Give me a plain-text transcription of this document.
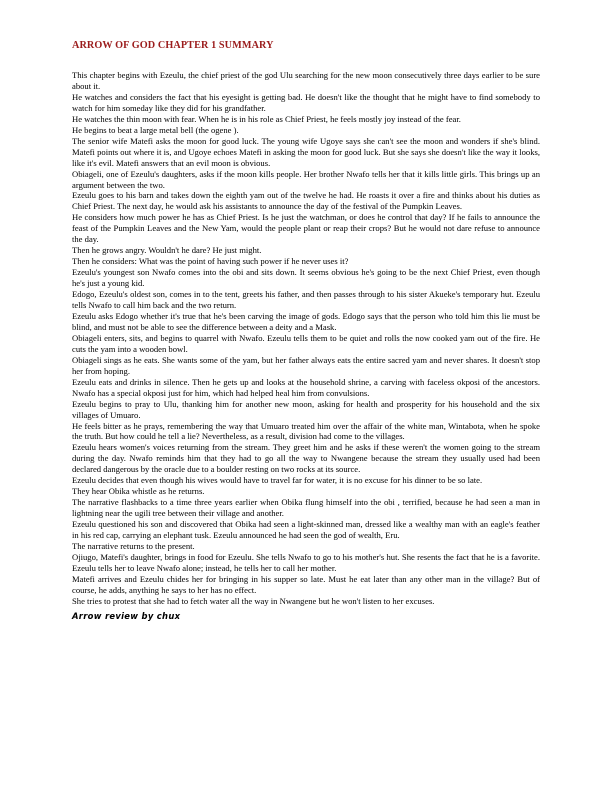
ARROW OF GOD CHAPTER 1 SUMMARY

This chapter begins with Ezeulu, the chief priest of the god Ulu searching for the new moon consecutively three days earlier to be sure about it.

He watches and considers the fact that his eyesight is getting bad. He doesn't like the thought that he might have to find somebody to watch for him someday like they did for his grandfather.

He watches the thin moon with fear. When he is in his role as Chief Priest, he feels mostly joy instead of the fear.

He begins to beat a large metal bell (the ogene ).

The senior wife Matefi asks the moon for good luck. The young wife Ugoye says she can't see the moon and wonders if she's blind. Matefi points out where it is, and Ugoye echoes Matefi in asking the moon for good luck. But she says she doesn't like the way it looks, like it's evil. Matefi answers that an evil moon is obvious.

Obiageli, one of Ezeulu's daughters, asks if the moon kills people. Her brother Nwafo tells her that it kills little girls. This brings up an argument between the two.

Ezeulu goes to his barn and takes down the eighth yam out of the twelve he had. He roasts it over a fire and thinks about his duties as Chief Priest. The next day, he would ask his assistants to announce the day of the festival of the Pumpkin Leaves.

He considers how much power he has as Chief Priest. Is he just the watchman, or does he control that day? If he fails to announce the feast of the Pumpkin Leaves and the New Yam, would the people plant or reap their crops? But he would not dare refuse to announce the day.

Then he grows angry. Wouldn't he dare? He just might.

Then he considers: What was the point of having such power if he never uses it?

Ezeulu's youngest son Nwafo comes into the obi and sits down. It seems obvious he's going to be the next Chief Priest, even though he's just a young kid.

Edogo, Ezeulu's oldest son, comes in to the tent, greets his father, and then passes through to his sister Akueke's temporary hut. Ezeulu tells Nwafo to call him back and the two return.

Ezeulu asks Edogo whether it's true that he's been carving the image of gods. Edogo says that the person who told him this lie must be blind, and must not be able to see the difference between a deity and a Mask.

Obiageli enters, sits, and begins to quarrel with Nwafo. Ezeulu tells them to be quiet and rolls the now cooked yam out of the fire. He cuts the yam into a wooden bowl.

Obiageli sings as he eats. She wants some of the yam, but her father always eats the entire sacred yam and never shares. It doesn't stop her from hoping.

Ezeulu eats and drinks in silence. Then he gets up and looks at the household shrine, a carving with faceless okposi of the ancestors. Nwafo has a special okposi just for him, which had helped heal him from convulsions.

Ezeulu begins to pray to Ulu, thanking him for another new moon, asking for health and prosperity for his household and the six villages of Umuaro.

He feels bitter as he prays, remembering the way that Umuaro treated him over the affair of the white man, Wintabota, when he spoke the truth. But how could he tell a lie? Nevertheless, as a result, division had come to the villages.

Ezeulu hears women's voices returning from the stream. They greet him and he asks if these weren't the women going to the stream during the day. Nwafo reminds him that they had to go all the way to Nwangene because the stream they usually used had been declared dangerous by the oracle due to a boulder resting on two rocks at its source.

Ezeulu decides that even though his wives would have to travel far for water, it is no excuse for his dinner to be so late.

They hear Obika whistle as he returns.

The narrative flashbacks to a time three years earlier when Obika flung himself into the obi , terrified, because he had seen a man in lightning near the ugili tree between their village and another.

Ezeulu questioned his son and discovered that Obika had seen a light-skinned man, dressed like a wealthy man with an eagle's feather in his red cap, carrying an elephant tusk. Ezeulu announced he had seen the god of wealth, Eru.

The narrative returns to the present.

Ojiugo, Matefi's daughter, brings in food for Ezeulu. She tells Nwafo to go to his mother's hut. She resents the fact that he is a favorite. Ezeulu tells her to leave Nwafo alone; instead, he tells her to call her mother.

Matefi arrives and Ezeulu chides her for bringing in his supper so late. Must he eat later than any other man in the village? But of course, he adds, anything he says to her has no effect.

She tries to protest that she had to fetch water all the way in Nwangene but he won't listen to her excuses.

Arrow review by chux
